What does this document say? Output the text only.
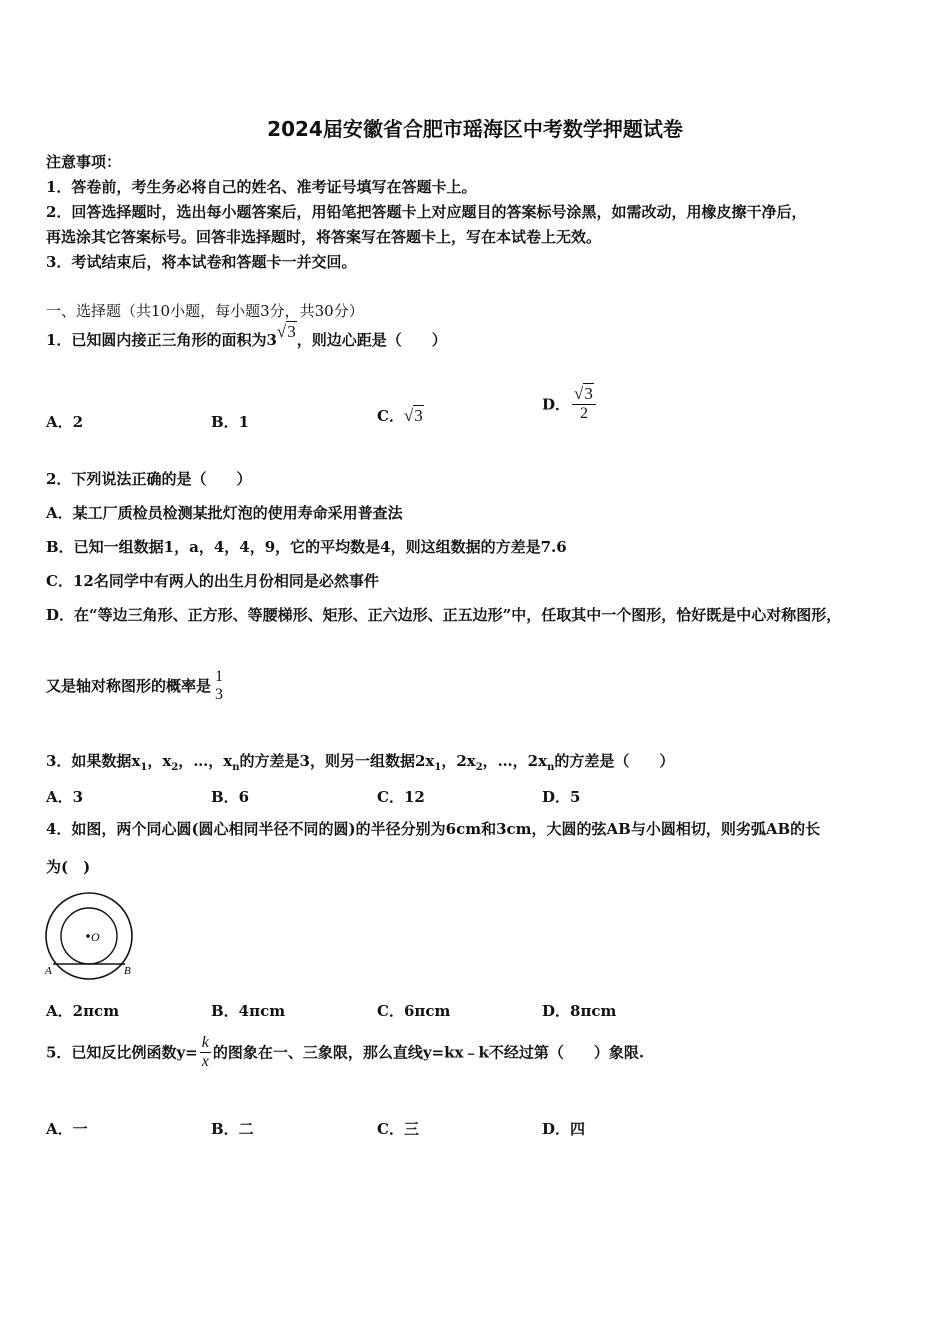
2024届安徽省合肥市瑶海区中考数学押题试卷
注意事项：
1．答卷前，考生务必将自己的姓名、准考证号填写在答题卡上。
2．回答选择题时，选出每小题答案后，用铅笔把答题卡上对应题目的答案标号涂黑，如需改动，用橡皮擦干净后，
再选涂其它答案标号。回答非选择题时，将答案写在答题卡上，写在本试卷上无效。
3．考试结束后，将本试卷和答题卡一并交回。
一、选择题（共10小题，每小题3分，共30分）
1．已知圆内接正三角形的面积为3√3，则边心距是（　　）
A．2	B．1	C．√3
D． $\frac{√3}{2}$
2．下列说法正确的是（　　）
A．某工厂质检员检测某批灯泡的使用寿命采用普查法
B．已知一组数据1，a，4，4，9，它的平均数是4，则这组数据的方差是7.6
C．12名同学中有两人的出生月份相同是必然事件
D．在“等边三角形、正方形、等腰梯形、矩形、正六边形、正五边形”中，任取其中一个图形，恰好既是中心对称图形，
又是轴对称图形的概率是
1
3
3．如果数据$x_1$，$x_2$，…，$x_n$的方差是3，则另一组数据$2x_1$，$2x_2$，…，$2x_n$的方差是（　　）
A．3	B．6	C．12	D．5
4．如图，两个同心圆(圆心相同半径不同的圆)的半径分别为6cm和3cm，大圆的弦AB与小圆相切，则劣弧AB的长
为(　)
O
A	B
A．2πcm	B．4πcm	C．6πcm	D．8πcm
5．已知反比例函数$y= \frac{k}{x}$ 的图象在一、三象限，那么直线y=kx﹣k不经过第（　　）象限.
A．一	B．二	C．三	D．四
